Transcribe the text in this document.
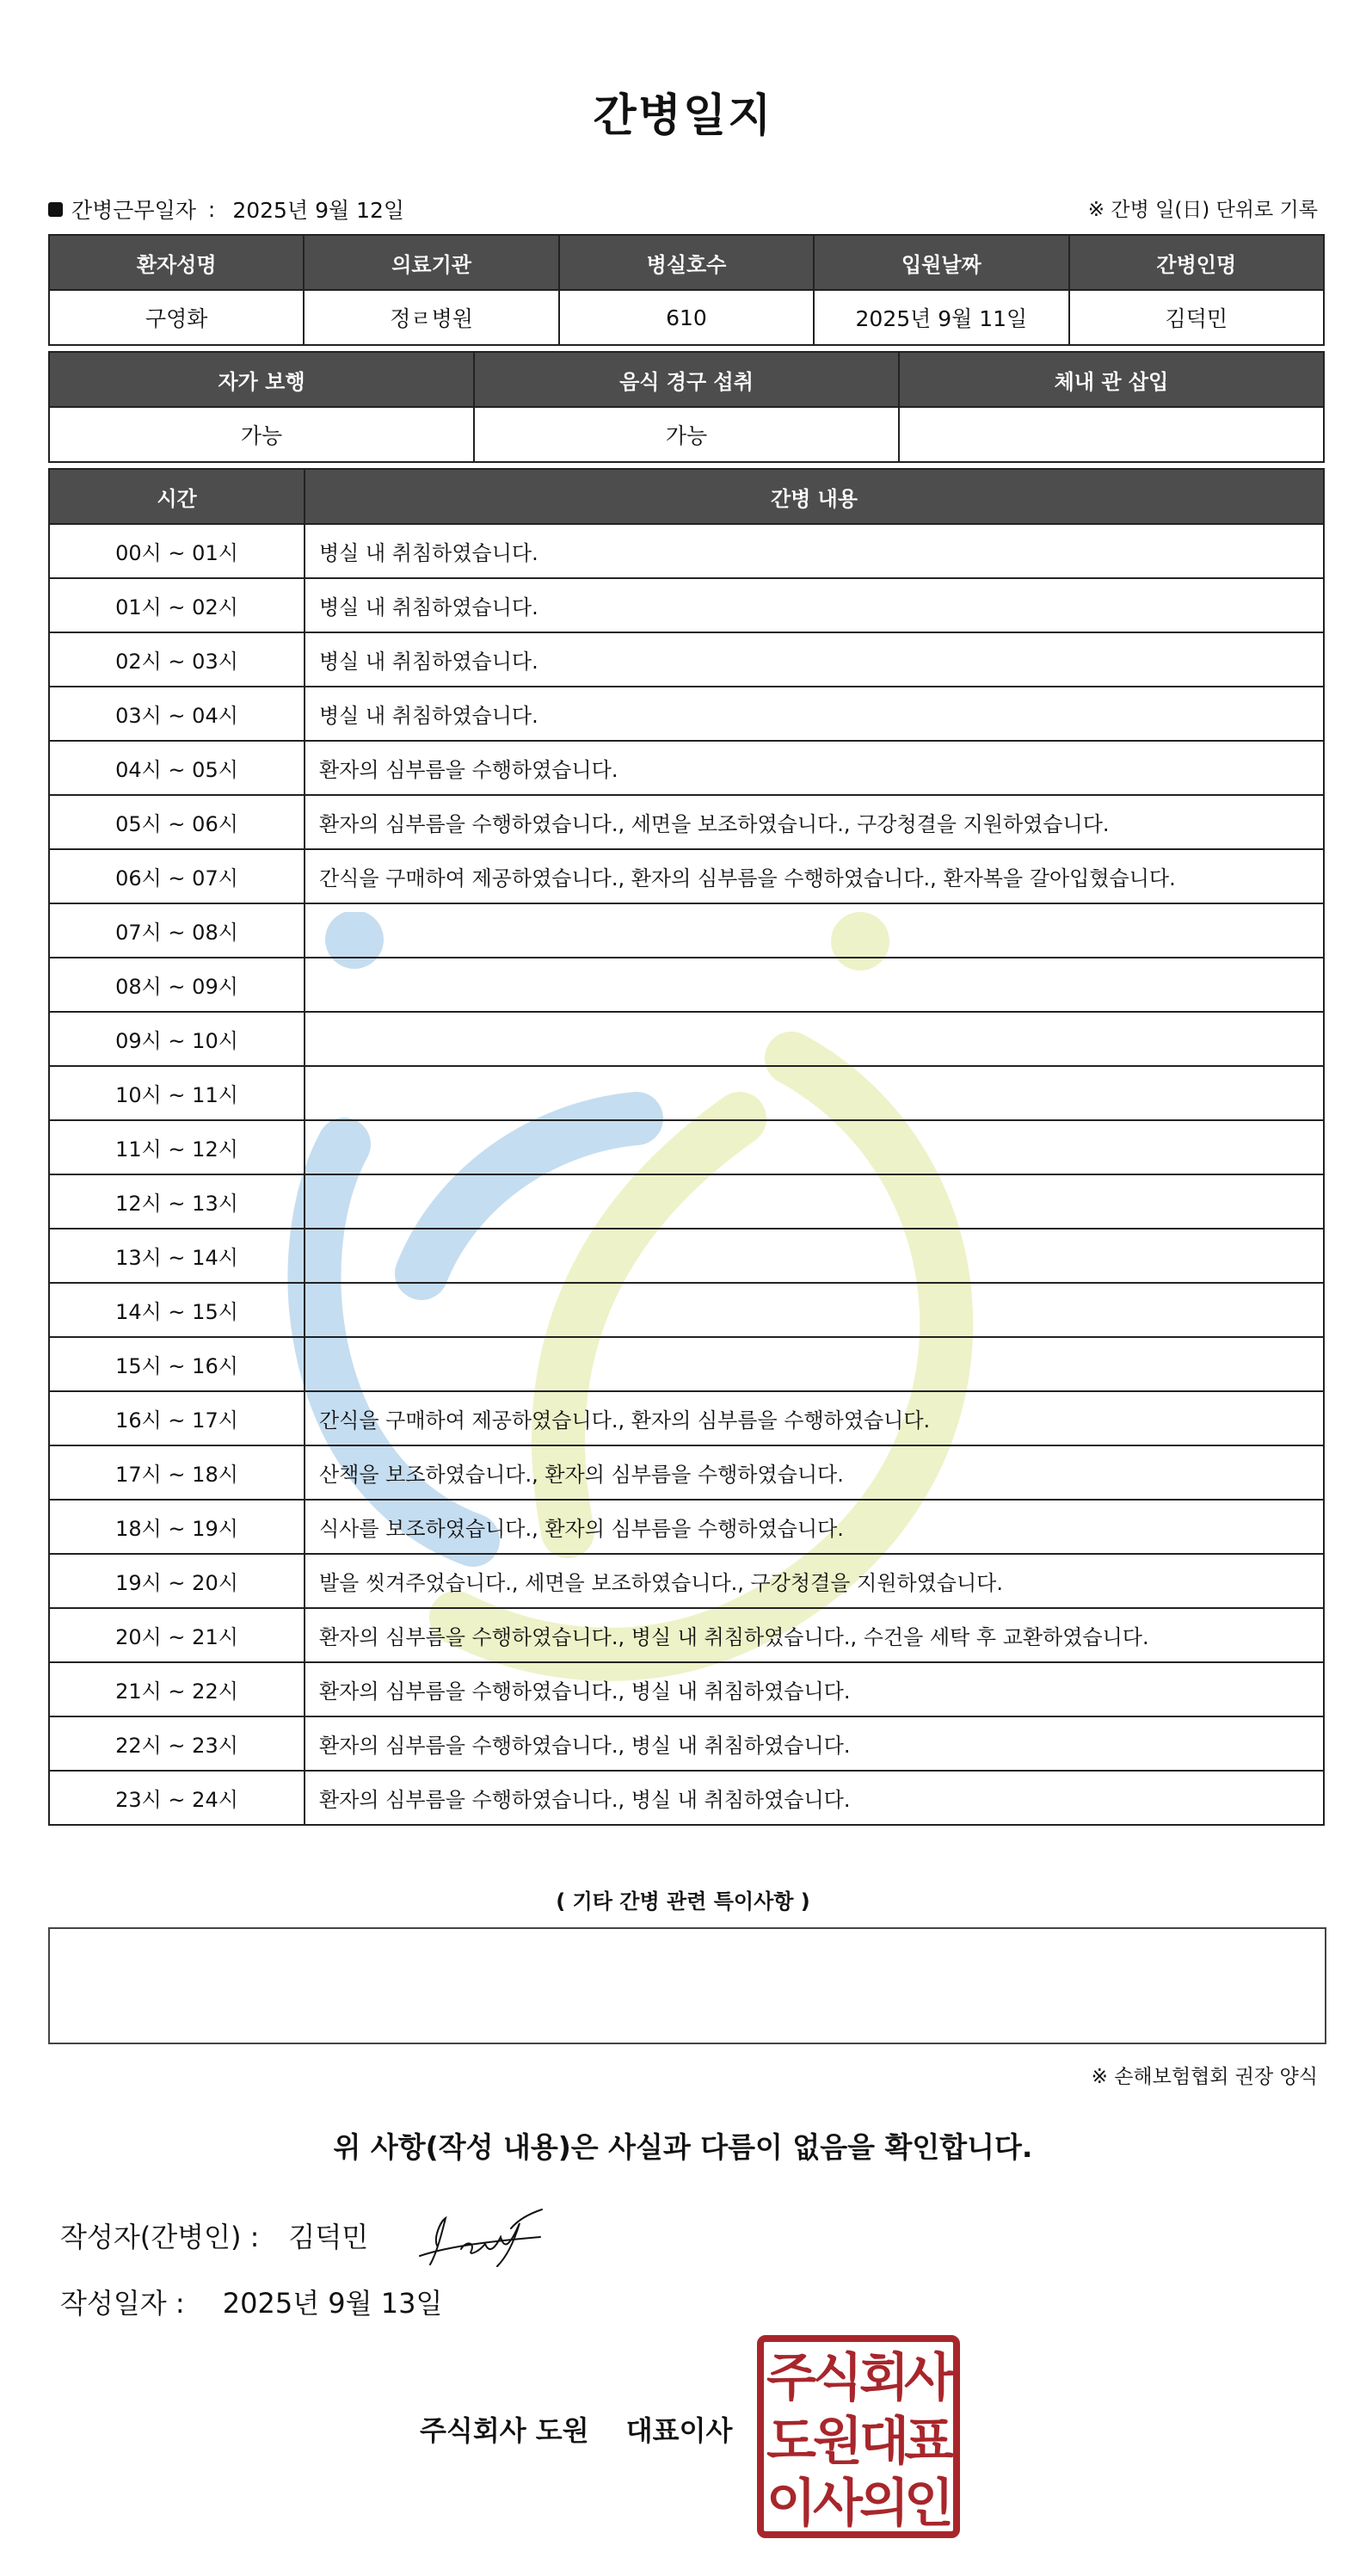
간병일지
간병근무일자 : 2025년 9월 12일	※ 간병 일(日) 단위로 기록
환자성명	의료기관	병실호수	입원날짜	간병인명
구영화	정ㄹ병원	610	2025년 9월 11일	김덕민
자가 보행	음식 경구 섭취	체내 관 삽입
가능	가능	
시간	간병 내용
00시 ~ 01시	병실 내 취침하였습니다.
01시 ~ 02시	병실 내 취침하였습니다.
02시 ~ 03시	병실 내 취침하였습니다.
03시 ~ 04시	병실 내 취침하였습니다.
04시 ~ 05시	환자의 심부름을 수행하였습니다.
05시 ~ 06시	환자의 심부름을 수행하였습니다., 세면을 보조하였습니다., 구강청결을 지원하였습니다.
06시 ~ 07시	간식을 구매하여 제공하였습니다., 환자의 심부름을 수행하였습니다., 환자복을 갈아입혔습니다.
07시 ~ 08시	
08시 ~ 09시	
09시 ~ 10시	
10시 ~ 11시	
11시 ~ 12시	
12시 ~ 13시	
13시 ~ 14시	
14시 ~ 15시	
15시 ~ 16시	
16시 ~ 17시	간식을 구매하여 제공하였습니다., 환자의 심부름을 수행하였습니다.
17시 ~ 18시	산책을 보조하였습니다., 환자의 심부름을 수행하였습니다.
18시 ~ 19시	식사를 보조하였습니다., 환자의 심부름을 수행하였습니다.
19시 ~ 20시	발을 씻겨주었습니다., 세면을 보조하였습니다., 구강청결을 지원하였습니다.
20시 ~ 21시	환자의 심부름을 수행하였습니다., 병실 내 취침하였습니다., 수건을 세탁 후 교환하였습니다.
21시 ~ 22시	환자의 심부름을 수행하였습니다., 병실 내 취침하였습니다.
22시 ~ 23시	환자의 심부름을 수행하였습니다., 병실 내 취침하였습니다.
23시 ~ 24시	환자의 심부름을 수행하였습니다., 병실 내 취침하였습니다.
( 기타 간병 관련 특이사항 )
※ 손해보험협회 권장 양식
위 사항(작성 내용)은 사실과 다름이 없음을 확인합니다.
작성자(간병인) : 김덕민
작성일자 : 2025년 9월 13일
주식회사 도원 대표이사
주
식
회
사
도
원
대
표
이
사
의
인
